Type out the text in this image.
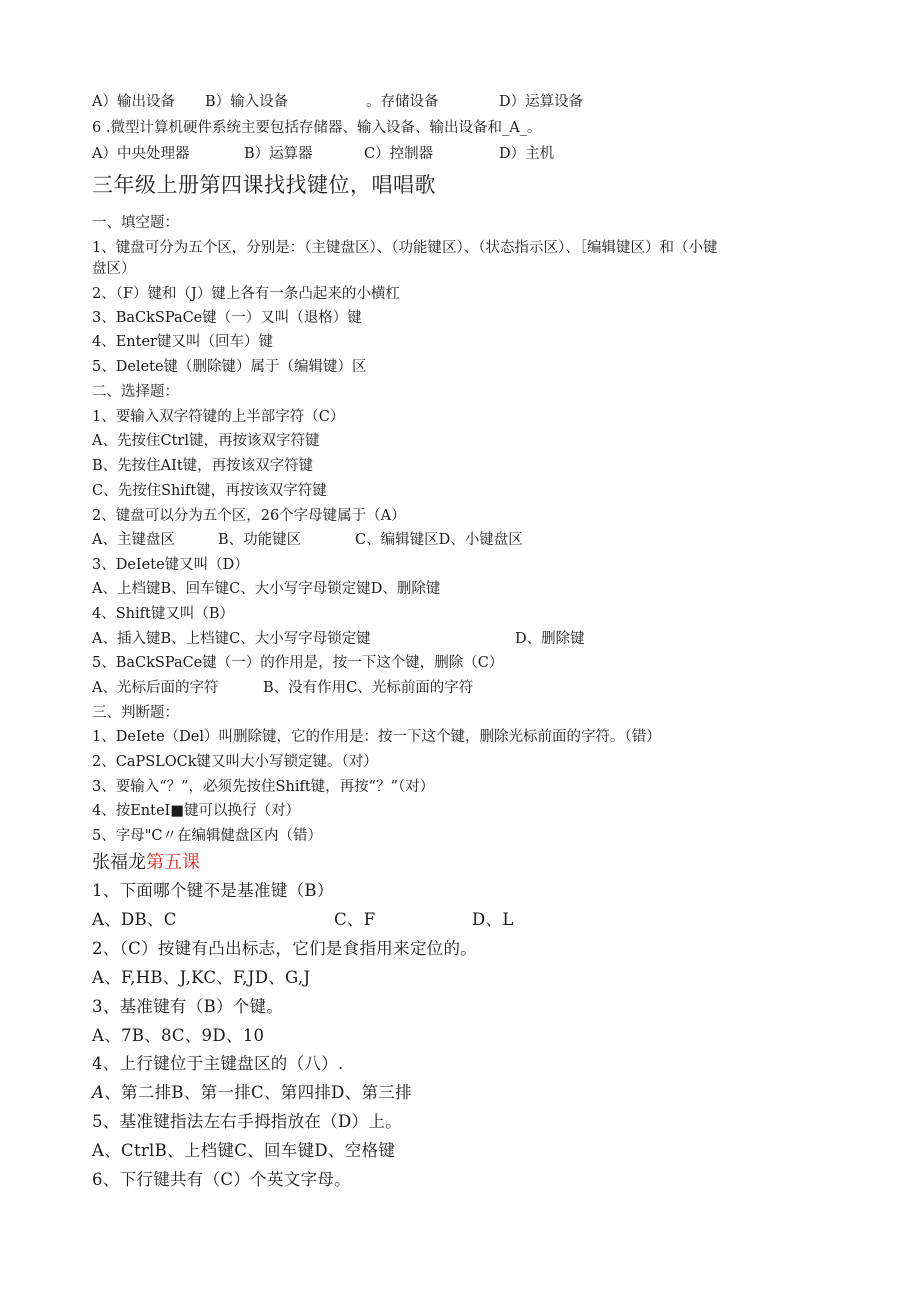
A）输出设备 B）输入设备	。存储设备	D）运算设备
6 .微型计算机硬件系统主要包括存储器、输入设备、输出设备和_A_。
A）中央处理器	B）运算器	C）控制器	D）主机
三年级上册第四课找找键位，唱唱歌
一、填空题：
1、键盘可分为五个区，分别是：（主键盘区）、（功能键区）、（状态指示区）、［编辑键区）和（小键
盘区）
2、（F）键和（J）键上各有一条凸起来的小横杠
3、BaCkSPaCe键（一）又叫（退格）键
4、Enter键又叫（回车）键
5、Delete键（删除键）属于（编辑键）区
二、选择题：
1、要输入双字符键的上半部字符（C）
A、先按住Ctrl键，再按该双字符键
B、先按住AIt键，再按该双字符键
C、先按住Shift键，再按该双字符键
2、键盘可以分为五个区，26个字母键属于（A）
A、主键盘区	B、功能键区	C、编辑键区D、小键盘区
3、DeIete键又叫（D）
A、上档键B、回车键C、大小写字母锁定键D、删除键
4、Shift键又叫（B）
A、插入键B、上档键C、大小写字母锁定键	D、删除键
5、BaCkSPaCe键（一）的作用是，按一下这个键，删除（C）
A、光标后面的字符	B、没有作用C、光标前面的字符
三、判断题：
1、DeIete（Del）叫删除键，它的作用是：按一下这个键，删除光标前面的字符。（错）
2、CaPSLOCk键又叫大小写锁定键。（对）
3、要输入“？”，必须先按住Shift键，再按“？”（对）
4、按EnteI■键可以换行（对）
5、字母"C〃在编辑健盘区内（错）
张福龙第五课
1、下面哪个键不是基准键（B）
A、DB、C	C、F	D、L
2、（C）按键有凸出标志，它们是食指用来定位的。
A、F,HB、J,KC、F,JD、G,J
3、基准键有（B）个键。
A、7B、8C、9D、10
4、上行键位于主键盘区的（八）.
A、第二排B、第一排C、第四排D、第三排
5、基准键指法左右手拇指放在（D）上。
A、CtrlB、上档键C、回车键D、空格键
6、下行键共有（C）个英文字母。
